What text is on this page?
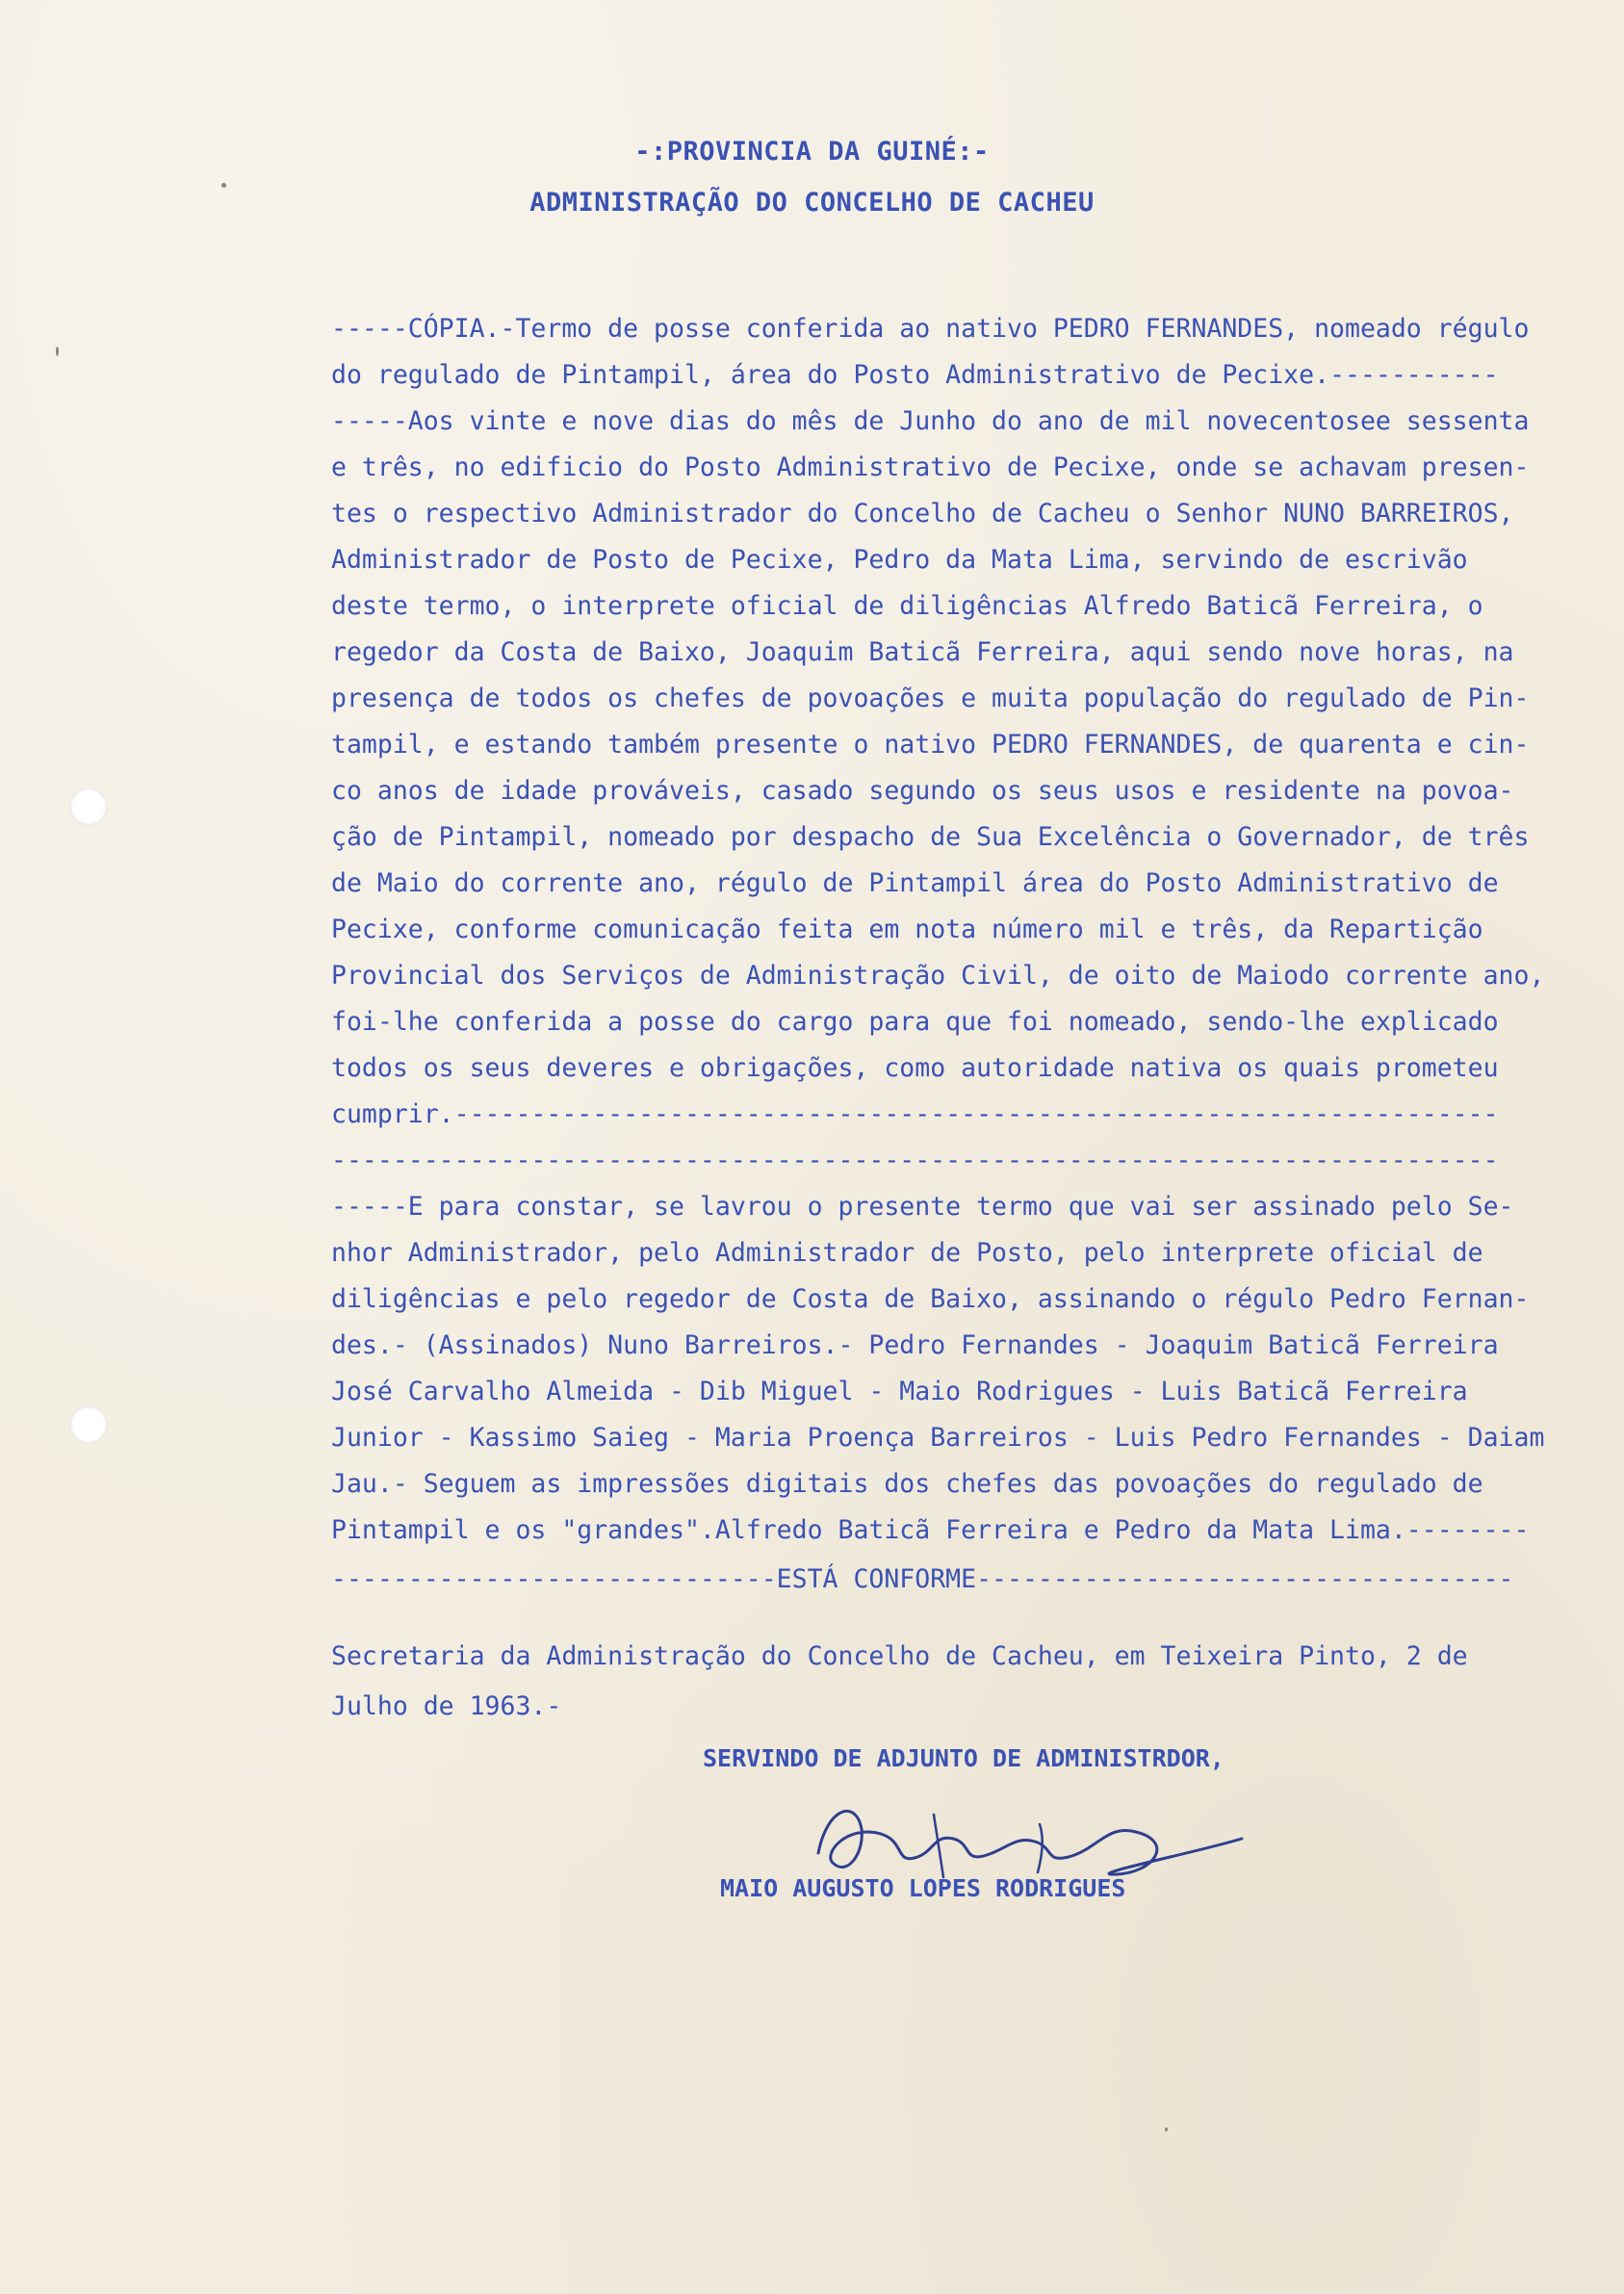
-:PROVINCIA DA GUINÉ:-
ADMINISTRAÇÃO DO CONCELHO DE CACHEU
-----CÓPIA.-Termo de posse conferida ao nativo PEDRO FERNANDES, nomeado régulo
do regulado de Pintampil, área do Posto Administrativo de Pecixe.-----------
-----Aos vinte e nove dias do mês de Junho do ano de mil novecentosee sessenta
e três, no edificio do Posto Administrativo de Pecixe, onde se achavam presen-
tes o respectivo Administrador do Concelho de Cacheu o Senhor NUNO BARREIROS,
Administrador de Posto de Pecixe, Pedro da Mata Lima, servindo de escrivão
deste termo, o interprete oficial de diligências Alfredo Baticã Ferreira, o
regedor da Costa de Baixo, Joaquim Baticã Ferreira, aqui sendo nove horas, na
presença de todos os chefes de povoações e muita população do regulado de Pin-
tampil, e estando também presente o nativo PEDRO FERNANDES, de quarenta e cin-
co anos de idade prováveis, casado segundo os seus usos e residente na povoa-
ção de Pintampil, nomeado por despacho de Sua Excelência o Governador, de três
de Maio do corrente ano, régulo de Pintampil área do Posto Administrativo de
Pecixe, conforme comunicação feita em nota número mil e três, da Repartição
Provincial dos Serviços de Administração Civil, de oito de Maiodo corrente ano,
foi-lhe conferida a posse do cargo para que foi nomeado, sendo-lhe explicado
todos os seus deveres e obrigações, como autoridade nativa os quais prometeu
cumprir.--------------------------------------------------------------------
----------------------------------------------------------------------------
-----E para constar, se lavrou o presente termo que vai ser assinado pelo Se-
nhor Administrador, pelo Administrador de Posto, pelo interprete oficial de
diligências e pelo regedor de Costa de Baixo, assinando o régulo Pedro Fernan-
des.- (Assinados) Nuno Barreiros.- Pedro Fernandes - Joaquim Baticã Ferreira
José Carvalho Almeida - Dib Miguel - Maio Rodrigues - Luis Baticã Ferreira
Junior - Kassimo Saieg - Maria Proença Barreiros - Luis Pedro Fernandes - Daiam
Jau.- Seguem as impressões digitais dos chefes das povoações do regulado de
Pintampil e os "grandes".Alfredo Baticã Ferreira e Pedro da Mata Lima.--------
-----------------------------ESTÁ CONFORME-----------------------------------
Secretaria da Administração do Concelho de Cacheu, em Teixeira Pinto, 2 de
Julho de 1963.-
SERVINDO DE ADJUNTO DE ADMINISTRDOR,
MAIO AUGUSTO LOPES RODRIGUES
